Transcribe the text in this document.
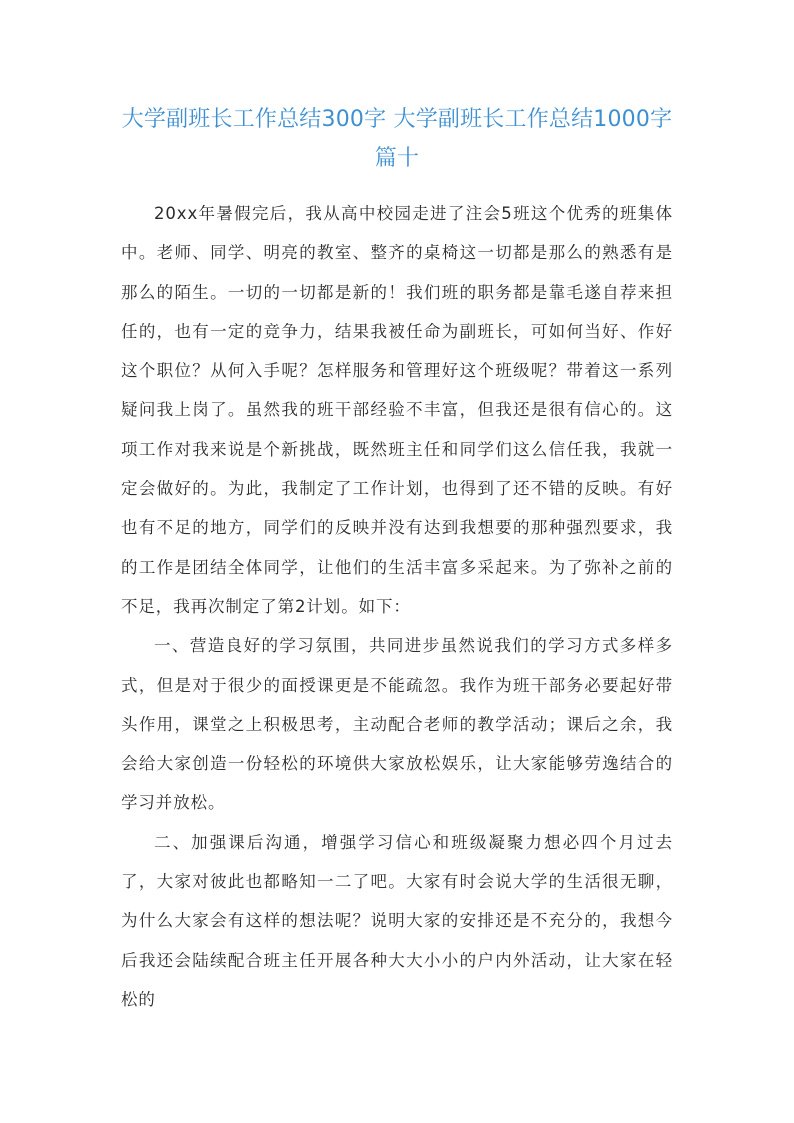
大学副班长工作总结300字 大学副班长工作总结1000字篇十

20xx年暑假完后，我从高中校园走进了注会5班这个优秀的班集体中。老师、同学、明亮的教室、整齐的桌椅这一切都是那么的熟悉有是那么的陌生。一切的一切都是新的！我们班的职务都是靠毛遂自荐来担任的，也有一定的竞争力，结果我被任命为副班长，可如何当好、作好这个职位？从何入手呢？怎样服务和管理好这个班级呢？带着这一系列疑问我上岗了。虽然我的班干部经验不丰富，但我还是很有信心的。这项工作对我来说是个新挑战，既然班主任和同学们这么信任我，我就一定会做好的。为此，我制定了工作计划，也得到了还不错的反映。有好也有不足的地方，同学们的反映并没有达到我想要的那种强烈要求，我的工作是团结全体同学，让他们的生活丰富多采起来。为了弥补之前的不足，我再次制定了第2计划。如下：

一、营造良好的学习氛围，共同进步虽然说我们的学习方式多样多式，但是对于很少的面授课更是不能疏忽。我作为班干部务必要起好带头作用，课堂之上积极思考，主动配合老师的教学活动；课后之余，我会给大家创造一份轻松的环境供大家放松娱乐，让大家能够劳逸结合的学习并放松。

二、加强课后沟通，增强学习信心和班级凝聚力想必四个月过去了，大家对彼此也都略知一二了吧。大家有时会说大学的生活很无聊，为什么大家会有这样的想法呢？说明大家的安排还是不充分的，我想今后我还会陆续配合班主任开展各种大大小小的户内外活动，让大家在轻松的
